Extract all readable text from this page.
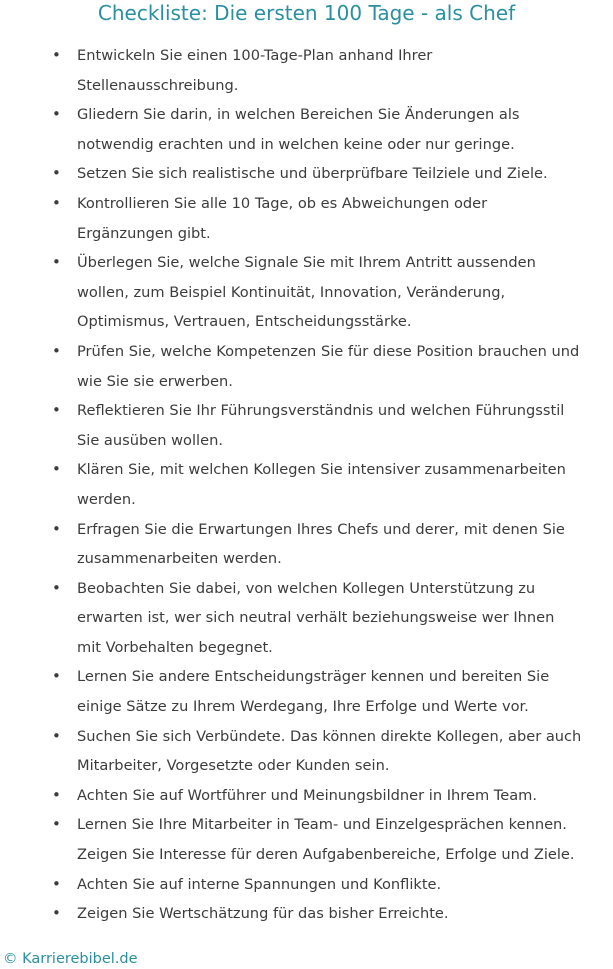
Checkliste: Die ersten 100 Tage - als Chef
• Entwickeln Sie einen 100-Tage-Plan anhand Ihrer
Stellenausschreibung.
• Gliedern Sie darin, in welchen Bereichen Sie Änderungen als
notwendig erachten und in welchen keine oder nur geringe.
• Setzen Sie sich realistische und überprüfbare Teilziele und Ziele.
• Kontrollieren Sie alle 10 Tage, ob es Abweichungen oder
Ergänzungen gibt.
• Überlegen Sie, welche Signale Sie mit Ihrem Antritt aussenden
wollen, zum Beispiel Kontinuität, Innovation, Veränderung,
Optimismus, Vertrauen, Entscheidungsstärke.
• Prüfen Sie, welche Kompetenzen Sie für diese Position brauchen und
wie Sie sie erwerben.
• Reflektieren Sie Ihr Führungsverständnis und welchen Führungsstil
Sie ausüben wollen.
• Klären Sie, mit welchen Kollegen Sie intensiver zusammenarbeiten
werden.
• Erfragen Sie die Erwartungen Ihres Chefs und derer, mit denen Sie
zusammenarbeiten werden.
• Beobachten Sie dabei, von welchen Kollegen Unterstützung zu
erwarten ist, wer sich neutral verhält beziehungsweise wer Ihnen
mit Vorbehalten begegnet.
• Lernen Sie andere Entscheidungsträger kennen und bereiten Sie
einige Sätze zu Ihrem Werdegang, Ihre Erfolge und Werte vor.
• Suchen Sie sich Verbündete. Das können direkte Kollegen, aber auch
Mitarbeiter, Vorgesetzte oder Kunden sein.
• Achten Sie auf Wortführer und Meinungsbildner in Ihrem Team.
• Lernen Sie Ihre Mitarbeiter in Team- und Einzelgesprächen kennen.
Zeigen Sie Interesse für deren Aufgabenbereiche, Erfolge und Ziele.
• Achten Sie auf interne Spannungen und Konflikte.
• Zeigen Sie Wertschätzung für das bisher Erreichte.
© Karrierebibel.de
